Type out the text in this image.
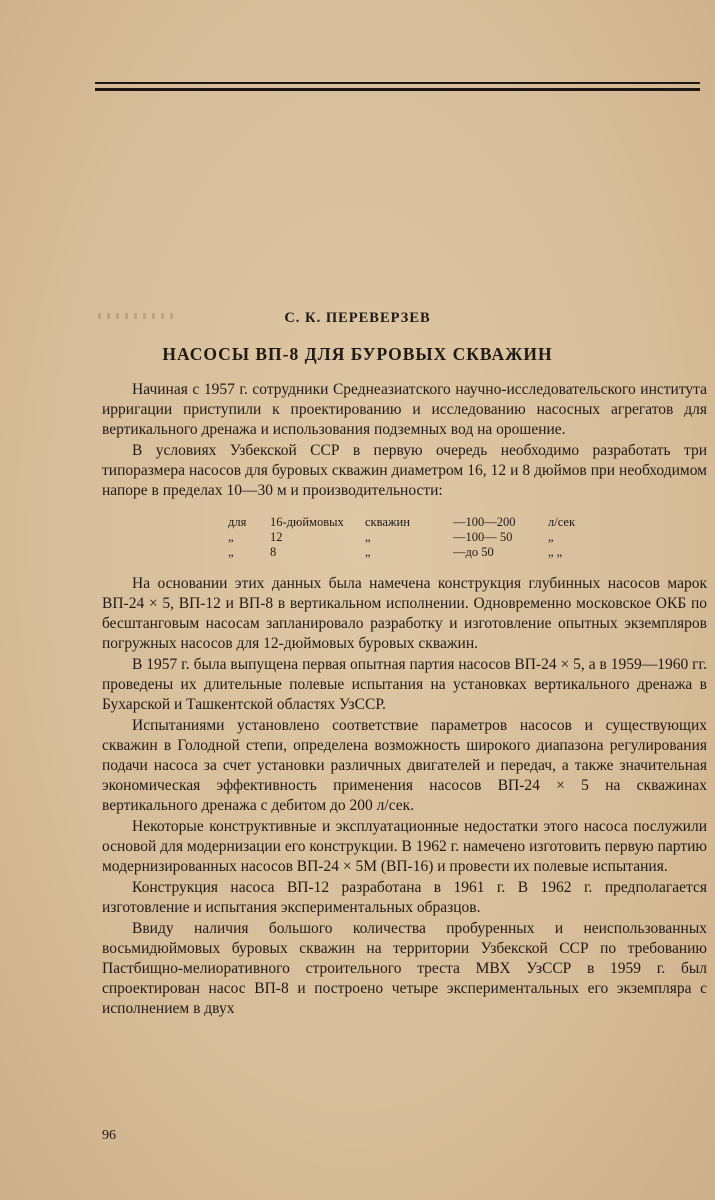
С. К. ПЕРЕВЕРЗЕВ
НАСОСЫ ВП-8 ДЛЯ БУРОВЫХ СКВАЖИН

Начиная с 1957 г. сотрудники Среднеазиатского научно-исследовательского института ирригации приступили к проектированию и исследованию насосных агрегатов для вертикального дренажа и использования подземных вод на орошение.

В условиях Узбекской ССР в первую очередь необходимо разработать три типоразмера насосов для буровых скважин диаметром 16, 12 и 8 дюймов при необходимом напоре в пределах 10—30 м и производительности:

для	16-дюймовых	скважин	—100—200	л/сек
„	12	„	—100— 50	„
„	8	„	—до 50	„ „

На основании этих данных была намечена конструкция глубинных насосов марок ВП-24 × 5, ВП-12 и ВП-8 в вертикальном исполнении. Одновременно московское ОКБ по бесштанговым насосам запланировало разработку и изготовление опытных экземпляров погружных насосов для 12-дюймовых буровых скважин.

В 1957 г. была выпущена первая опытная партия насосов ВП-24 × 5, а в 1959—1960 гг. проведены их длительные полевые испытания на установках вертикального дренажа в Бухарской и Ташкентской областях УзССР.

Испытаниями установлено соответствие параметров насосов и существующих скважин в Голодной степи, определена возможность широкого диапазона регулирования подачи насоса за счет установки различных двигателей и передач, а также значительная экономическая эффективность применения насосов ВП-24 × 5 на скважинах вертикального дренажа с дебитом до 200 л/сек.

Некоторые конструктивные и эксплуатационные недостатки этого насоса послужили основой для модернизации его конструкции. В 1962 г. намечено изготовить первую партию модернизированных насосов ВП-24 × 5М (ВП-16) и провести их полевые испытания.

Конструкция насоса ВП-12 разработана в 1961 г. В 1962 г. предполагается изготовление и испытания экспериментальных образцов.

Ввиду наличия большого количества пробуренных и неиспользованных восьмидюймовых буровых скважин на территории Узбекской ССР по требованию Пастбищно-мелиоративного строительного треста МВХ УзССР в 1959 г. был спроектирован насос ВП-8 и построено четыре экспериментальных его экземпляра с исполнением в двух

96
